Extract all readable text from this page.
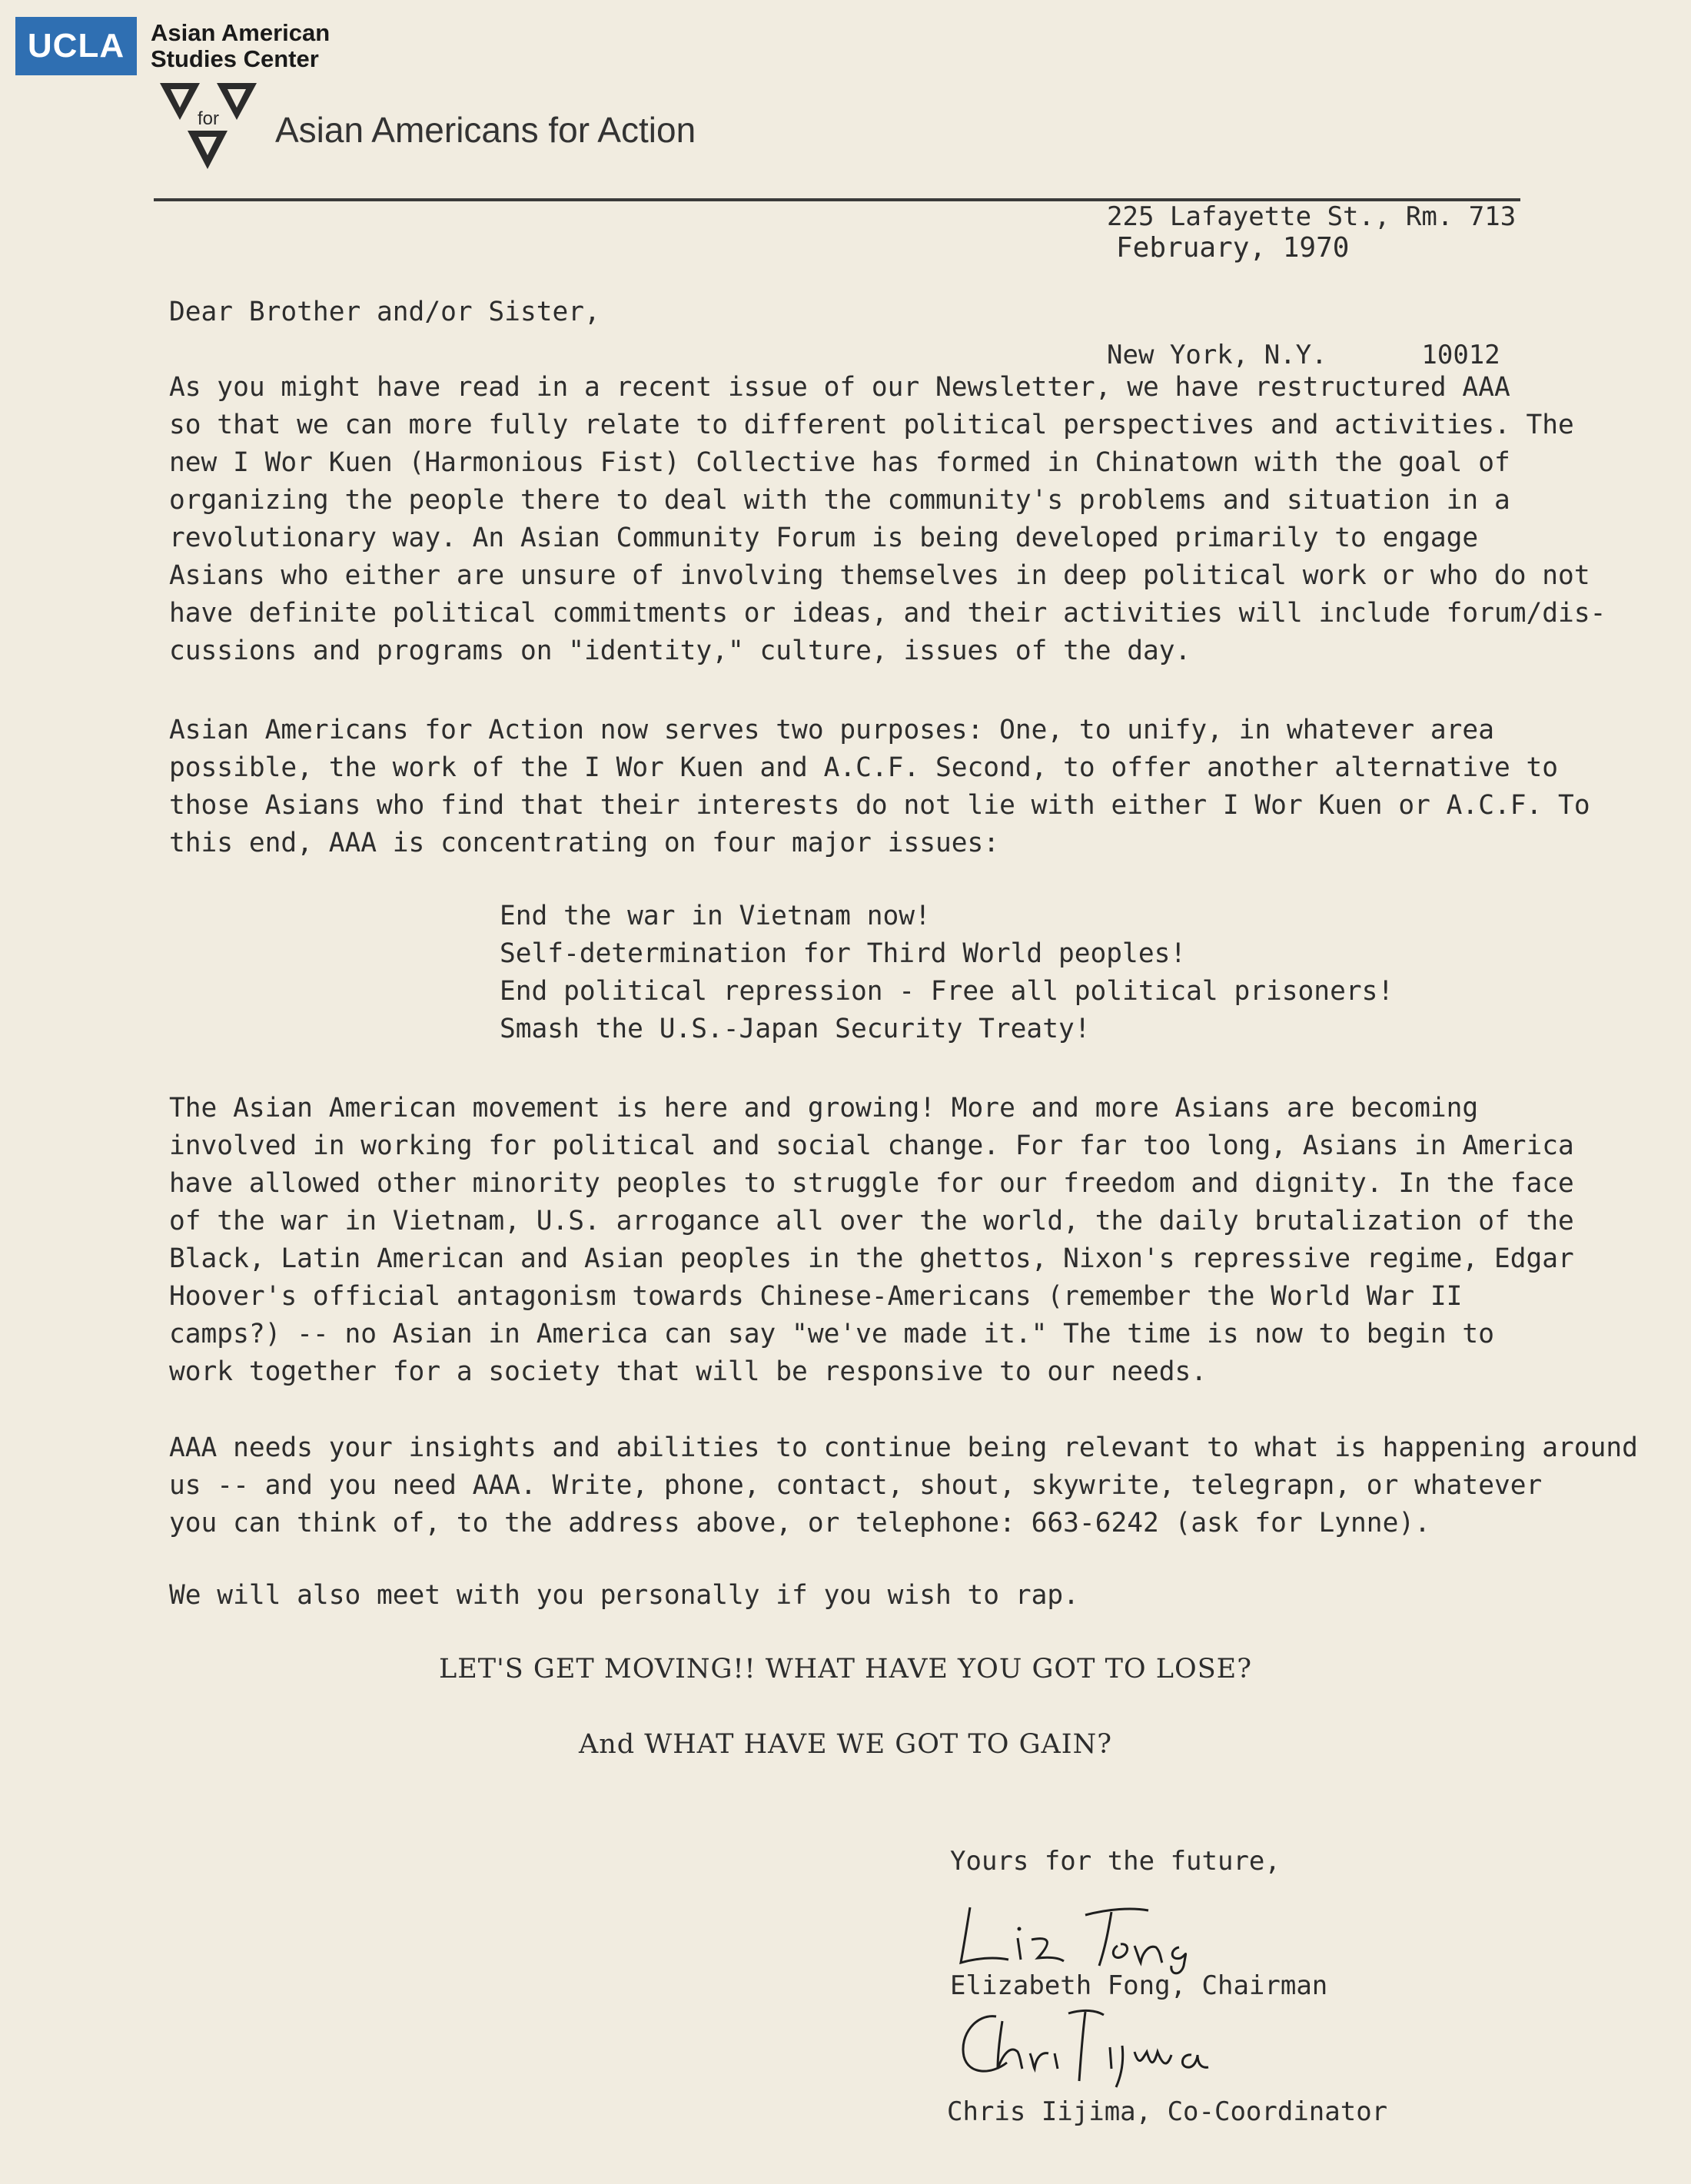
UCLA	Asian American
Studies Center
for Asian Americans for Action

225 Lafayette St., Rm. 713

New York, N.Y.      10012

February, 1970
Dear Brother and/or Sister,
As you might have read in a recent issue of our Newsletter, we have restructured AAA
so that we can more fully relate to different political perspectives and activities. The
new I Wor Kuen (Harmonious Fist) Collective has formed in Chinatown with the goal of
organizing the people there to deal with the community's problems and situation in a
revolutionary way. An Asian Community Forum is being developed primarily to engage
Asians who either are unsure of involving themselves in deep political work or who do not
have definite political commitments or ideas, and their activities will include forum/dis-
cussions and programs on "identity," culture, issues of the day.
Asian Americans for Action now serves two purposes: One, to unify, in whatever area
possible, the work of the I Wor Kuen and A.C.F. Second, to offer another alternative to
those Asians who find that their interests do not lie with either I Wor Kuen or A.C.F. To
this end, AAA is concentrating on four major issues:
End the war in Vietnam now!
Self-determination for Third World peoples!
End political repression - Free all political prisoners!
Smash the U.S.-Japan Security Treaty!
The Asian American movement is here and growing! More and more Asians are becoming
involved in working for political and social change. For far too long, Asians in America
have allowed other minority peoples to struggle for our freedom and dignity. In the face
of the war in Vietnam, U.S. arrogance all over the world, the daily brutalization of the
Black, Latin American and Asian peoples in the ghettos, Nixon's repressive regime, Edgar
Hoover's official antagonism towards Chinese-Americans (remember the World War II
camps?) -- no Asian in America can say "we've made it." The time is now to begin to
work together for a society that will be responsive to our needs.
AAA needs your insights and abilities to continue being relevant to what is happening around
us -- and you need AAA. Write, phone, contact, shout, skywrite, telegrapn, or whatever
you can think of, to the address above, or telephone: 663-6242 (ask for Lynne).
We will also meet with you personally if you wish to rap.
LET'S GET MOVING!! WHAT HAVE YOU GOT TO LOSE?
And WHAT HAVE WE GOT TO GAIN?
Yours for the future,
Elizabeth Fong, Chairman
Chris Iijima, Co-Coordinator
